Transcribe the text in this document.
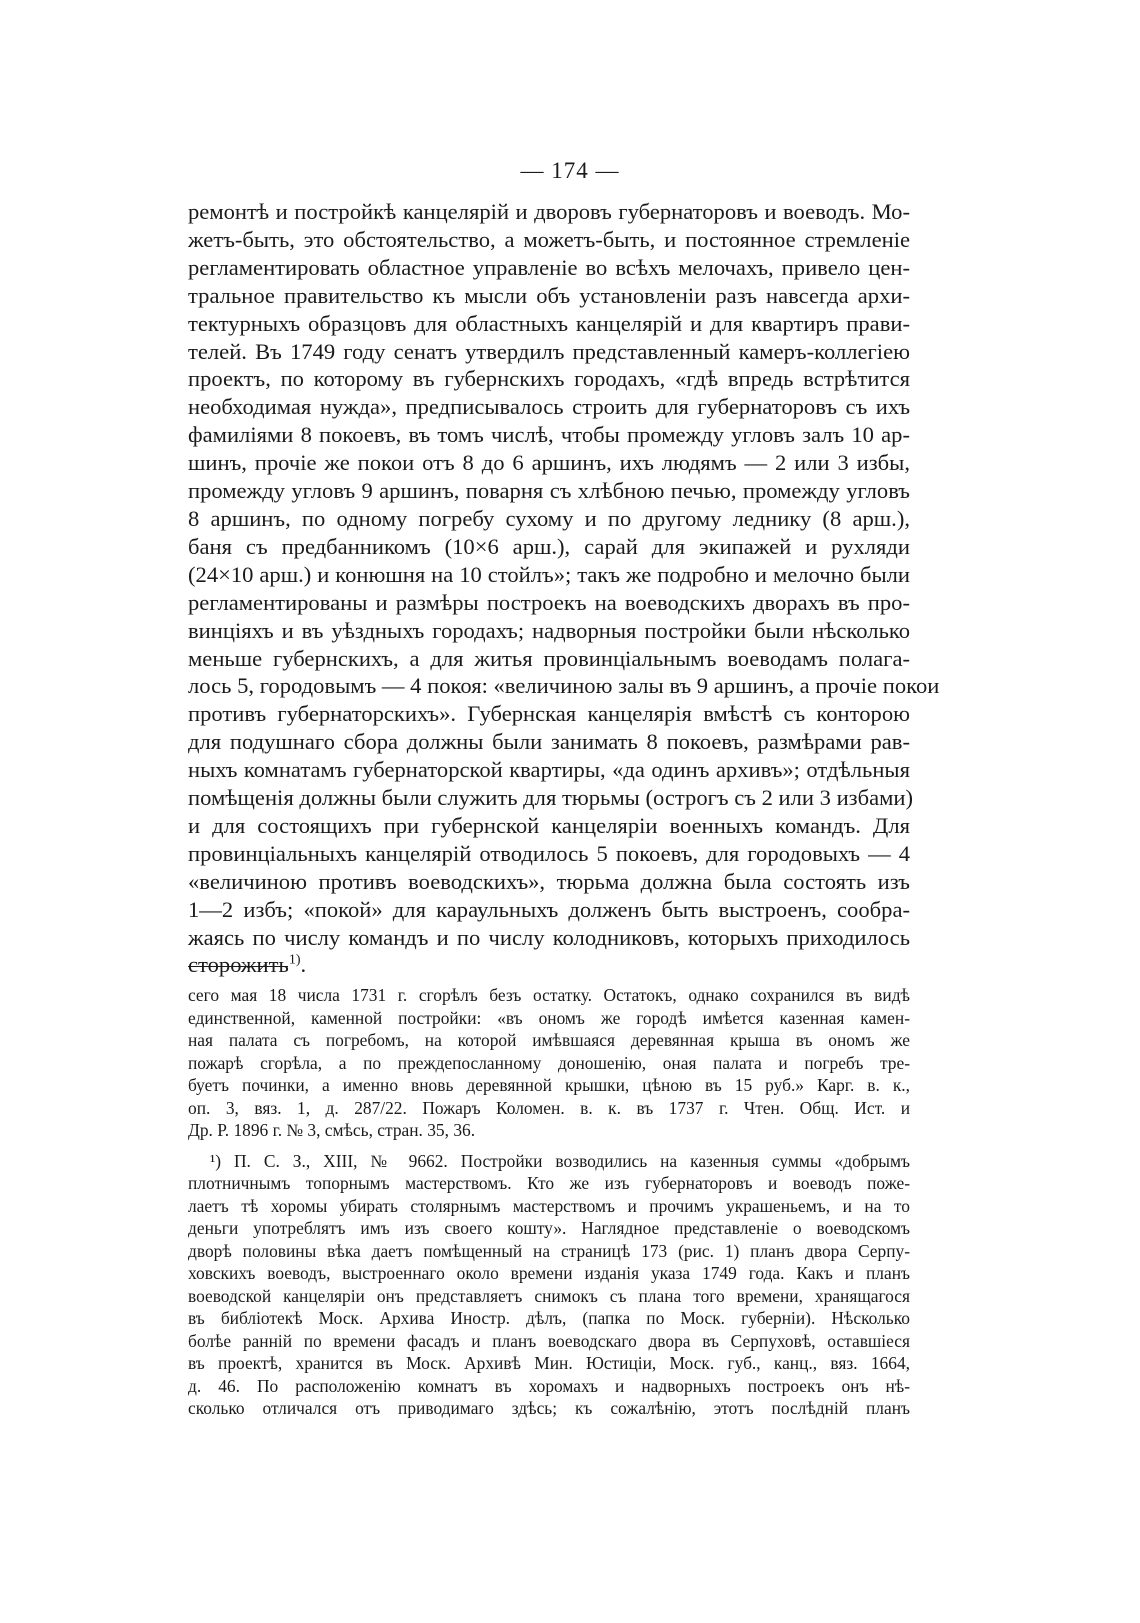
— 174 —
ремонтѣ и постройкѣ канцелярій и дворовъ губернаторовъ и воеводъ. Мо-
жетъ-быть, это обстоятельство, а можетъ-быть, и постоянное стремленіе
регламентировать областное управленіе во всѣхъ мелочахъ, привело цен-
тральное правительство къ мысли объ установленіи разъ навсегда архи-
тектурныхъ образцовъ для областныхъ канцелярій и для квартиръ прави-
телей. Въ 1749 году сенатъ утвердилъ представленный камеръ-коллегіею
проектъ, по которому въ губернскихъ городахъ, «гдѣ впредь встрѣтится
необходимая нужда», предписывалось строить для губернаторовъ съ ихъ
фамиліями 8 покоевъ, въ томъ числѣ, чтобы промежду угловъ залъ 10 ар-
шинъ, прочіе же покои отъ 8 до 6 аршинъ, ихъ людямъ — 2 или 3 избы,
промежду угловъ 9 аршинъ, поварня съ хлѣбною печью, промежду угловъ
8 аршинъ, по одному погребу сухому и по другому леднику (8 арш.),
баня съ предбанникомъ (10×6 арш.), сарай для экипажей и рухляди
(24×10 арш.) и конюшня на 10 стойлъ»; такъ же подробно и мелочно были
регламентированы и размѣры построекъ на воеводскихъ дворахъ въ про-
винціяхъ и въ уѣздныхъ городахъ; надворныя постройки были нѣсколько
меньше губернскихъ, а для житья провинціальнымъ воеводамъ полага-
лось 5, городовымъ — 4 покоя: «величиною залы въ 9 аршинъ, а прочіе покои
противъ губернаторскихъ». Губернская канцелярія вмѣстѣ съ конторою
для подушнаго сбора должны были занимать 8 покоевъ, размѣрами рав-
ныхъ комнатамъ губернаторской квартиры, «да одинъ архивъ»; отдѣльныя
помѣщенія должны были служить для тюрьмы (острогъ съ 2 или 3 избами)
и для состоящихъ при губернской канцеляріи военныхъ командъ. Для
провинціальныхъ канцелярій отводилось 5 покоевъ, для городовыхъ — 4
«величиною противъ воеводскихъ», тюрьма должна была состоять изъ
1—2 избъ; «покой» для караульныхъ долженъ быть выстроенъ, сообра-
жаясь по числу командъ и по числу колодниковъ, которыхъ приходилось
сторожить$^{1)}$.
сего мая 18 числа 1731 г. сгорѣлъ безъ остатку. Остатокъ, однако сохранился въ видѣ
единственной, каменной постройки: «въ ономъ же городѣ имѣется казенная камен-
ная палата съ погребомъ, на которой имѣвшаяся деревянная крыша въ ономъ же
пожарѣ сгорѣла, а по преждепосланному доношенію, оная палата и погребъ тре-
буетъ починки, а именно вновь деревянной крышки, цѣною въ 15 руб.» Карг. в. к.,
оп. 3, вяз. 1, д. 287/22. Пожаръ Коломен. в. к. въ 1737 г. Чтен. Общ. Ист. и
Др. Р. 1896 г. № 3, смѣсь, стран. 35, 36.
¹) П. С. З., XIII, № 9662. Постройки возводились на казенныя суммы «добрымъ
плотничнымъ топорнымъ мастерствомъ. Кто же изъ губернаторовъ и воеводъ поже-
лаетъ тѣ хоромы убирать столярнымъ мастерствомъ и прочимъ украшеньемъ, и на то
деньги употреблятъ имъ изъ своего кошту». Наглядное представленіе о воеводскомъ
дворѣ половины вѣка даетъ помѣщенный на страницѣ 173 (рис. 1) планъ двора Серпу-
ховскихъ воеводъ, выстроеннаго около времени изданія указа 1749 года. Какъ и планъ
воеводской канцеляріи онъ представляетъ снимокъ съ плана того времени, хранящагося
въ библіотекѣ Моск. Архива Иностр. дѣлъ, (папка по Моск. губерніи). Нѣсколько
болѣе раннiй по времени фасадъ и планъ воеводскаго двора въ Серпуховѣ, оставшіеся
въ проектѣ, хранится въ Моск. Архивѣ Мин. Юстиціи, Моск. губ., канц., вяз. 1664,
д. 46. По расположенію комнатъ въ хоромахъ и надворныхъ построекъ онъ нѣ-
сколько отличался отъ приводимаго здѣсь; къ сожалѣнію, этотъ послѣдній планъ
